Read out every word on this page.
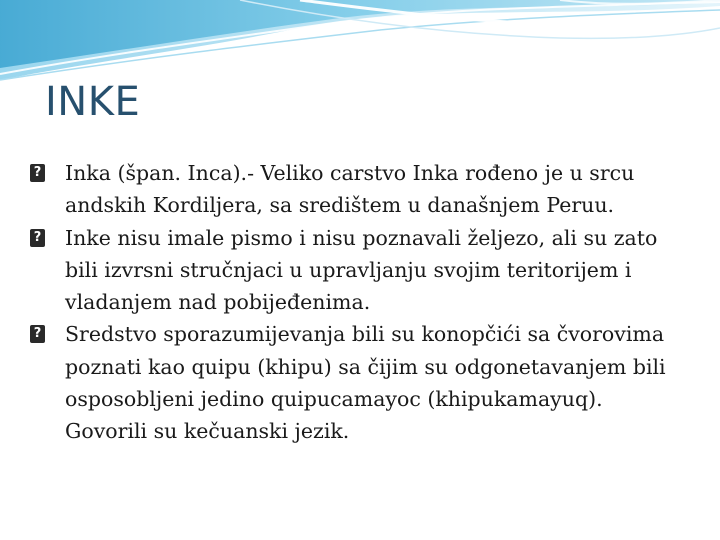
INKE
?
Inka (špan. Inca).- Veliko carstvo Inka rođeno je u srcu andskih Kordiljera, sa središtem u današnjem Peruu.
?
Inke nisu imale pismo i nisu poznavali željezo, ali su zato bili izvrsni stručnjaci u upravljanju svojim teritorijem i vladanjem nad pobijeđenima.
?
Sredstvo sporazumijevanja bili su konopčići sa čvorovima poznati kao quipu (khipu) sa čijim su odgonetavanjem bili osposobljeni jedino quipucamayoc (khipukamayuq). Govorili su kečuanski jezik.
